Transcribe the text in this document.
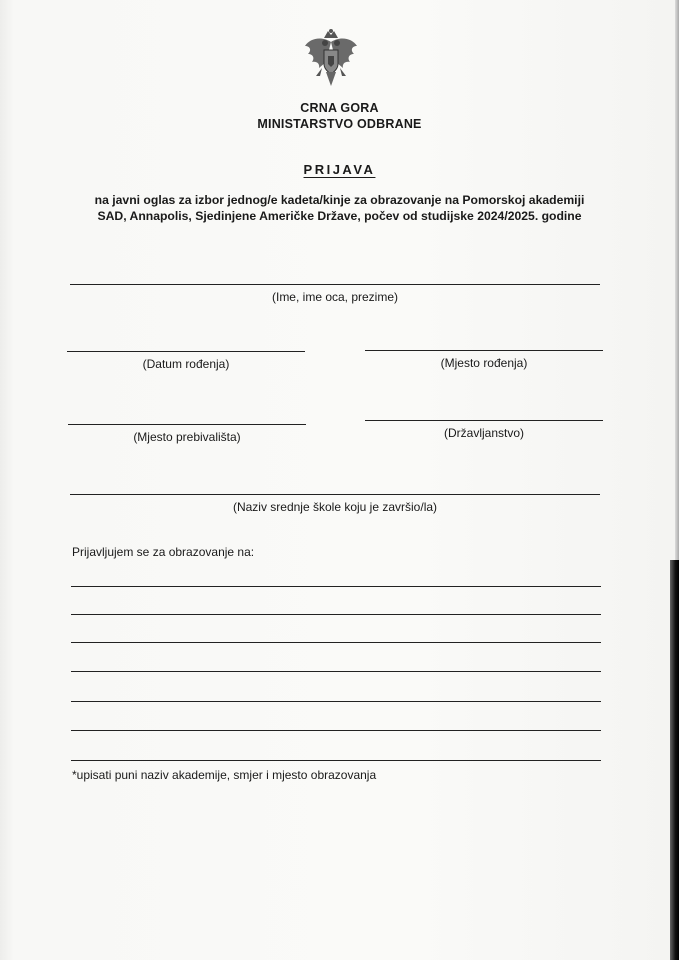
CRNA GORA
MINISTARSTVO ODBRANE
PRIJAVA
na javni oglas za izbor jednog/e kadeta/kinje za obrazovanje na Pomorskoj akademiji
SAD, Annapolis, Sjedinjene Američke Države, počev od studijske 2024/2025. godine
(Ime, ime oca, prezime)
(Datum rođenja)	(Mjesto rođenja)
(Mjesto prebivališta)	(Državljanstvo)
(Naziv srednje škole koju je završio/la)
Prijavljujem se za obrazovanje na:
*upisati puni naziv akademije, smjer i mjesto obrazovanja
